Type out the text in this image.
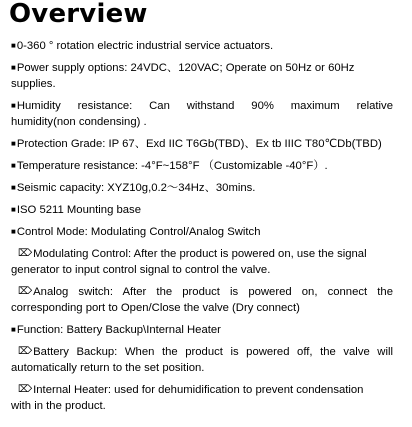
Overview
■0-360 ° rotation electric industrial service actuators.
■Power supply options: 24VDC、120VAC; Operate on 50Hz or 60Hz
supplies.
■Humidity resistance: Can withstand 90% maximum relative
humidity(non condensing) .
■Protection Grade: IP 67、Exd IIC T6Gb(TBD)、Ex tb IIIC T80℃Db(TBD)
■Temperature resistance: -4°F~158°F （Customizable -40°F）.
■Seismic capacity: XYZ10g,0.2～34Hz、30mins.
■ISO 5211 Mounting base
■Control Mode: Modulating Control/Analog Switch
⌦Modulating Control: After the product is powered on, use the signal
generator to input control signal to control the valve.
⌦Analog switch: After the product is powered on, connect the
corresponding port to Open/Close the valve (Dry connect)
■Function: Battery Backup\Internal Heater
⌦Battery Backup: When the product is powered off, the valve will
automatically return to the set position.
⌦Internal Heater: used for dehumidification to prevent condensation
with in the product.
